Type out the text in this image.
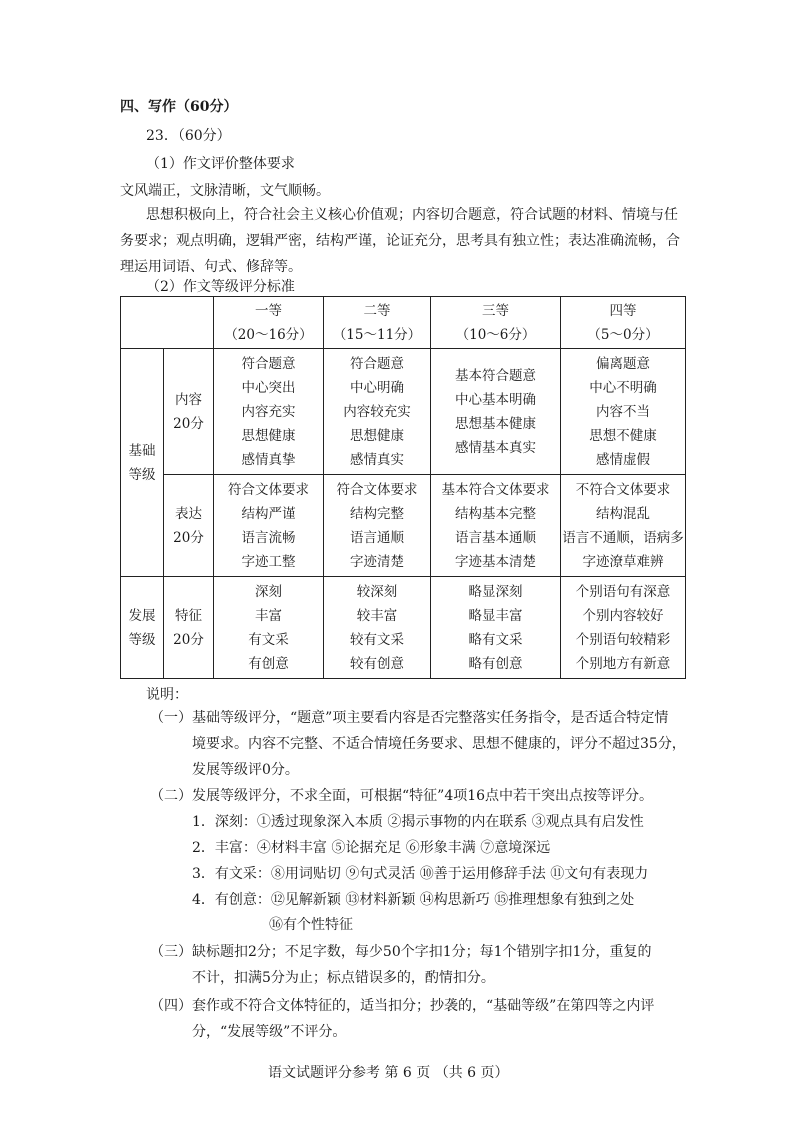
四、写作（60分）
23．（60分）
（1）作文评价整体要求
文风端正，文脉清晰，文气顺畅。
思想积极向上，符合社会主义核心价值观；内容切合题意，符合试题的材料、情境与任
务要求；观点明确，逻辑严密，结构严谨，论证充分，思考具有独立性；表达准确流畅，合
理运用词语、句式、修辞等。
（2）作文等级评分标准

		一等
（20～16分）	二等
（15～11分）	三等
（10～6分）	四等
（5～0分）

基础
等级	内容
20分	符合题意
中心突出
内容充实
思想健康
感情真挚	符合题意
中心明确
内容较充实
思想健康
感情真实	基本符合题意
中心基本明确
思想基本健康
感情基本真实	偏离题意
中心不明确
内容不当
思想不健康
感情虚假

	表达
20分	符合文体要求
结构严谨
语言流畅
字迹工整	符合文体要求
结构完整
语言通顺
字迹清楚	基本符合文体要求
结构基本完整
语言基本通顺
字迹基本清楚	不符合文体要求
结构混乱
语言不通顺，语病多
字迹潦草难辨

发展
等级	特征
20分	深刻
丰富
有文采
有创意	较深刻
较丰富
较有文采
较有创意	略显深刻
略显丰富
略有文采
略有创意	个别语句有深意
个别内容较好
个别语句较精彩
个别地方有新意
说明：
（一） 基础等级评分，“题意”项主要看内容是否完整落实任务指令，是否适合特定情
境要求。内容不完整、不适合情境任务要求、思想不健康的，评分不超过35分，
发展等级评0分。
（二） 发展等级评分，不求全面，可根据“特征”4项16点中若干突出点按等评分。
1．深刻：①透过现象深入本质 ②揭示事物的内在联系 ③观点具有启发性
2．丰富：④材料丰富 ⑤论据充足 ⑥形象丰满 ⑦意境深远
3．有文采：⑧用词贴切 ⑨句式灵活 ⑩善于运用修辞手法 ⑪文句有表现力
4．有创意：⑫见解新颖 ⑬材料新颖 ⑭构思新巧 ⑮推理想象有独到之处
⑯有个性特征
（三） 缺标题扣2分；不足字数，每少50个字扣1分；每1个错别字扣1分，重复的
不计，扣满5分为止；标点错误多的，酌情扣分。
（四） 套作或不符合文体特征的，适当扣分；抄袭的，“基础等级”在第四等之内评
分，“发展等级”不评分。
语文试题评分参考 第 6 页 （共 6 页）
